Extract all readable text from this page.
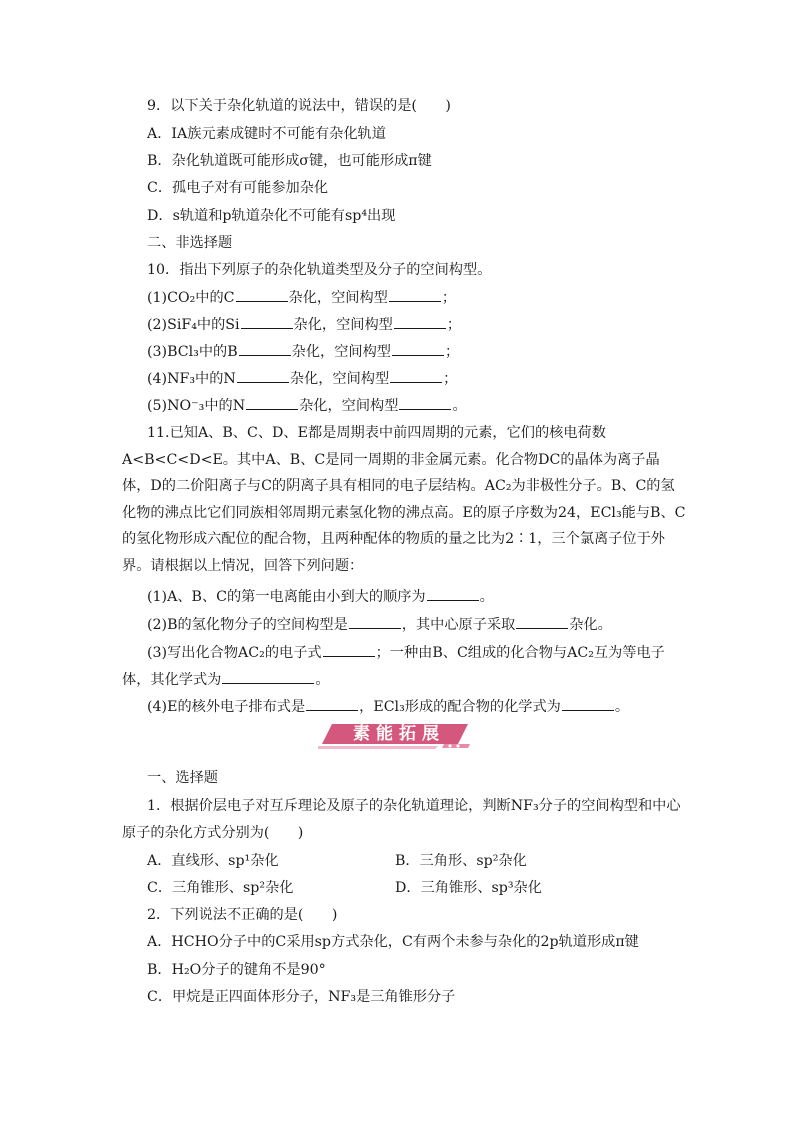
9．以下关于杂化轨道的说法中，错误的是(　　)
A．ⅠA族元素成键时不可能有杂化轨道
B．杂化轨道既可能形成σ键，也可能形成π键
C．孤电子对有可能参加杂化
D．s轨道和p轨道杂化不可能有sp⁴出现
二、非选择题
10．指出下列原子的杂化轨道类型及分子的空间构型。
(1)CO₂中的C	杂化，空间构型	；
(2)SiF₄中的Si	杂化，空间构型	；
(3)BCl₃中的B	杂化，空间构型	；
(4)NF₃中的N	杂化，空间构型	；
(5)NO⁻₃中的N	杂化，空间构型	。
11.已知A、B、C、D、E都是周期表中前四周期的元素，它们的核电荷数A<B<C<D<E。其中A、B、C是同一周期的非金属元素。化合物DC的晶体为离子晶体，D的二价阳离子与C的阴离子具有相同的电子层结构。AC₂为非极性分子。B、C的氢化物的沸点比它们同族相邻周期元素氢化物的沸点高。E的原子序数为24，ECl₃能与B、C的氢化物形成六配位的配合物，且两种配体的物质的量之比为2∶1，三个氯离子位于外界。请根据以上情况，回答下列问题：
(1)A、B、C的第一电离能由小到大的顺序为	。
(2)B的氢化物分子的空间构型是	，其中心原子采取	杂化。
(3)写出化合物AC₂的电子式	；一种由B、C组成的化合物与AC₂互为等电子
体，其化学式为	。
(4)E的核外电子排布式是	，ECl₃形成的配合物的化学式为	。
素能拓展
一、选择题
1．根据价层电子对互斥理论及原子的杂化轨道理论，判断NF₃分子的空间构型和中心
原子的杂化方式分别为(　　)
A．直线形、sp¹杂化	B．三角形、sp²杂化
C．三角锥形、sp²杂化	D．三角锥形、sp³杂化
2．下列说法不正确的是(　　)
A．HCHO分子中的C采用sp方式杂化，C有两个未参与杂化的2p轨道形成π键
B．H₂O分子的键角不是90°
C．甲烷是正四面体形分子，NF₃是三角锥形分子
